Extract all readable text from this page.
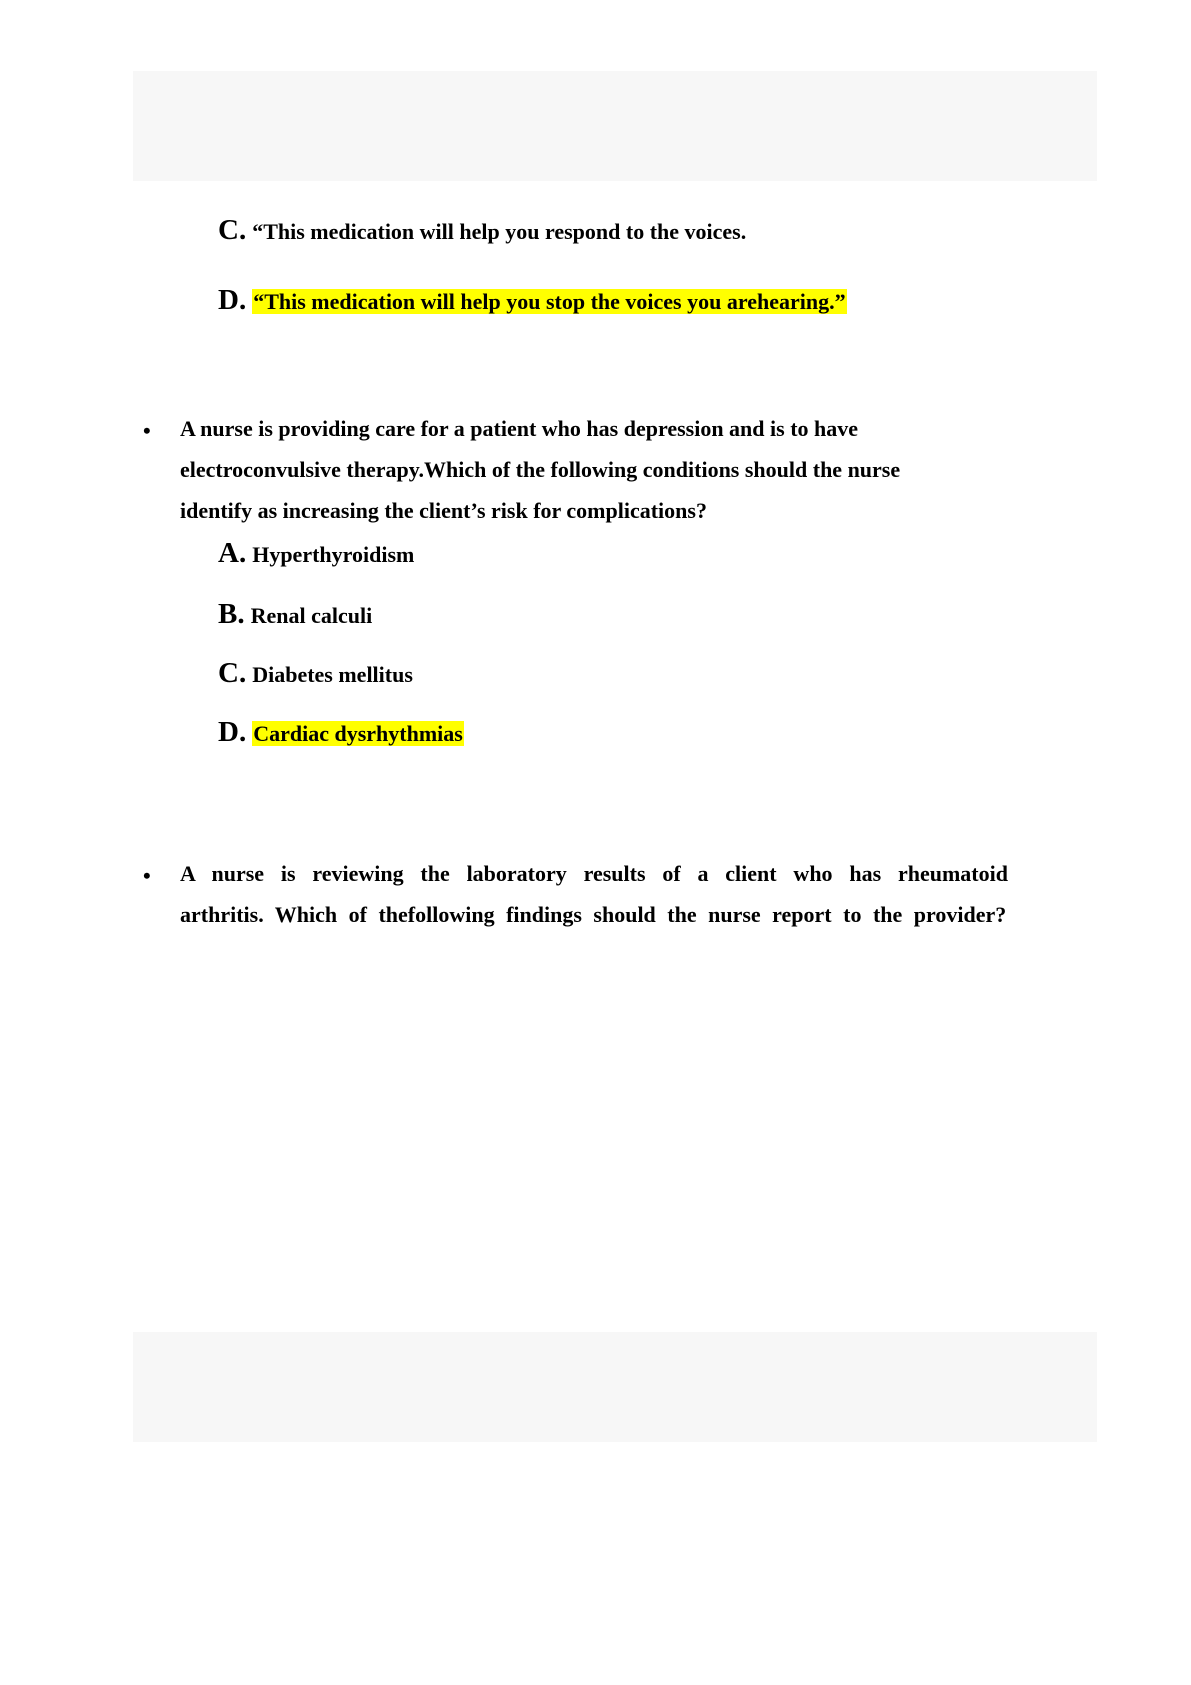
C. “This medication will help you respond to the voices.
D. “This medication will help you stop the voices you arehearing.”
• A nurse is providing care for a patient who has depression and is to have electroconvulsive therapy.Which of the following conditions should the nurse identify as increasing the client’s risk for complications?
A. Hyperthyroidism
B. Renal calculi
C. Diabetes mellitus
D. Cardiac dysrhythmias
• A nurse is reviewing the laboratory results of a client who has rheumatoid arthritis. Which of thefollowing findings should the nurse report to the provider?
